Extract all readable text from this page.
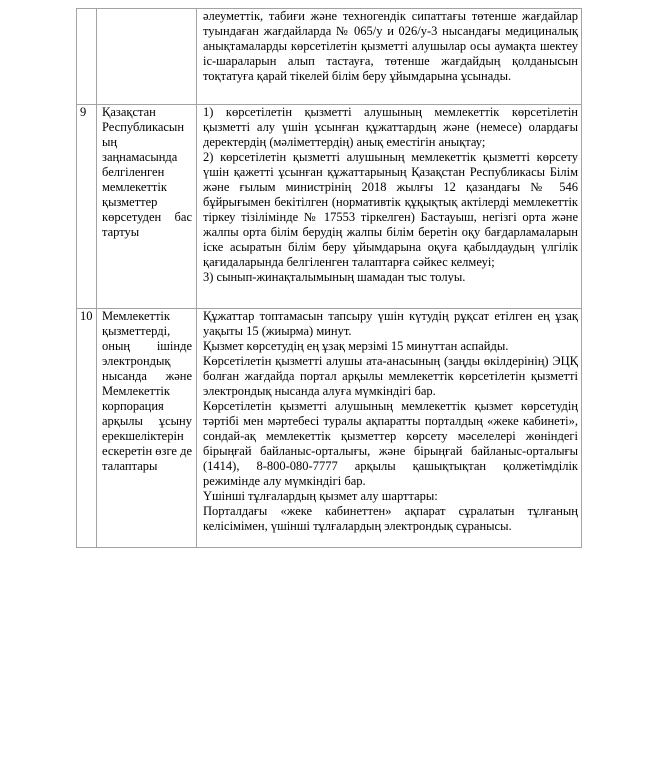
		әлеуметтік, табиғи және техногендік сипаттағы төтенше жағдайлар туындаған жағдайларда № 065/у и 026/у-3 нысандағы медициналық анықтамаларды көрсетілетін қызметті алушылар осы аумақта шектеу іс-шараларын алып тастауға, төтенше жағдайдың қолданысын тоқтатуға қарай тікелей білім беру ұйымдарына ұсынады.

9	Қазақстан Республикасының заңнамасында белгіленген мемлекеттік қызметтер көрсетуден бас тартуы	1) көрсетілетін қызметті алушының мемлекеттік көрсетілетін қызметті алу үшін ұсынған құжаттардың және (немесе) олардағы деректердің (мәліметтердің) анық еместігін анықтау;

2) көрсетілетін қызметті алушының мемлекеттік қызметті көрсету үшін қажетті ұсынған құжаттарының Қазақстан Республикасы Білім және ғылым министрінің 2018 жылғы 12 қазандағы № 546 бұйрығымен бекітілген (нормативтік құқықтық актілерді мемлекеттік тіркеу тізілімінде № 17553 тіркелген) Бастауыш, негізгі орта және жалпы орта білім берудің жалпы білім беретін оқу бағдарламаларын іске асыратын білім беру ұйымдарына оқуға қабылдаудың үлгілік қағидаларында белгіленген талаптарға сәйкес келмеуі;

3) сынып-жинақталымының шамадан тыс толуы.

10	Мемлекеттік қызметтерді, оның ішінде электрондық нысанда және Мемлекеттік корпорация арқылы ұсыну ерекшеліктерін ескеретін өзге де талаптары

Құжаттар топтамасын тапсыру үшін күтудің рұқсат етілген ең ұзақ уақыты 15 (жиырма) минут.

Қызмет көрсетудің ең ұзақ мерзімі 15 минуттан аспайды.

Көрсетілетін қызметті алушы ата-анасының (заңды өкілдерінің) ЭЦҚ болған жағдайда портал арқылы мемлекеттік көрсетілетін қызметті электрондық нысанда алуға мүмкіндігі бар.

Көрсетілетін қызметті алушының мемлекеттік қызмет көрсетудің тәртібі мен мәртебесі туралы ақпаратты порталдың «жеке кабинеті», сондай-ақ мемлекеттік қызметтер көрсету мәселелері жөніндегі бірыңғай байланыс-орталығы, және бірыңғай байланыс-орталығы (1414), 8-800-080-7777 арқылы қашықтықтан қолжетімділік режимінде алу мүмкіндігі бар.

Үшінші тұлғалардың қызмет алу шарттары:

Порталдағы «жеке кабинеттен» ақпарат сұралатын тұлғаның келісімімен, үшінші тұлғалардың электрондық сұранысы.
